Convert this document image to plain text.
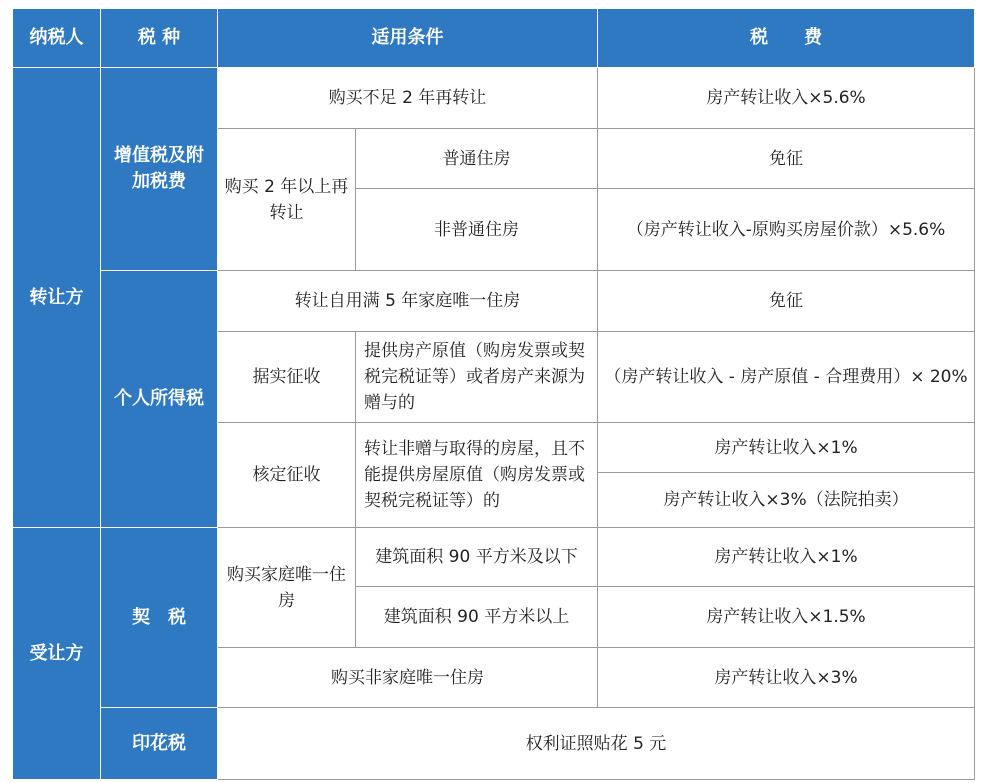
纳税人	税 种	适用条件		税　　费
转让方	增值税及附加税费	购买不足 2 年再转让		房产转让收入×5.6%
		购买 2 年以上再转让	普通住房	免征
			非普通住房	（房产转让收入-原购买房屋价款）×5.6%
	个人所得税	转让自用满 5 年家庭唯一住房		免征
		据实征收	提供房产原值（购房发票或契税完税证等）或者房产来源为赠与的	（房产转让收入 - 房产原值 - 合理费用）× 20%
		核定征收	转让非赠与取得的房屋，且不能提供房屋原值（购房发票或契税完税证等）的	房产转让收入×1%
				房产转让收入×3%（法院拍卖）

受让方	契　税	购买家庭唯一住房	建筑面积 90 平方米及以下	房产转让收入×1%
			建筑面积 90 平方米以上	房产转让收入×1.5%
		购买非家庭唯一住房		房产转让收入×3%
	印花税	权利证照贴花 5 元		
